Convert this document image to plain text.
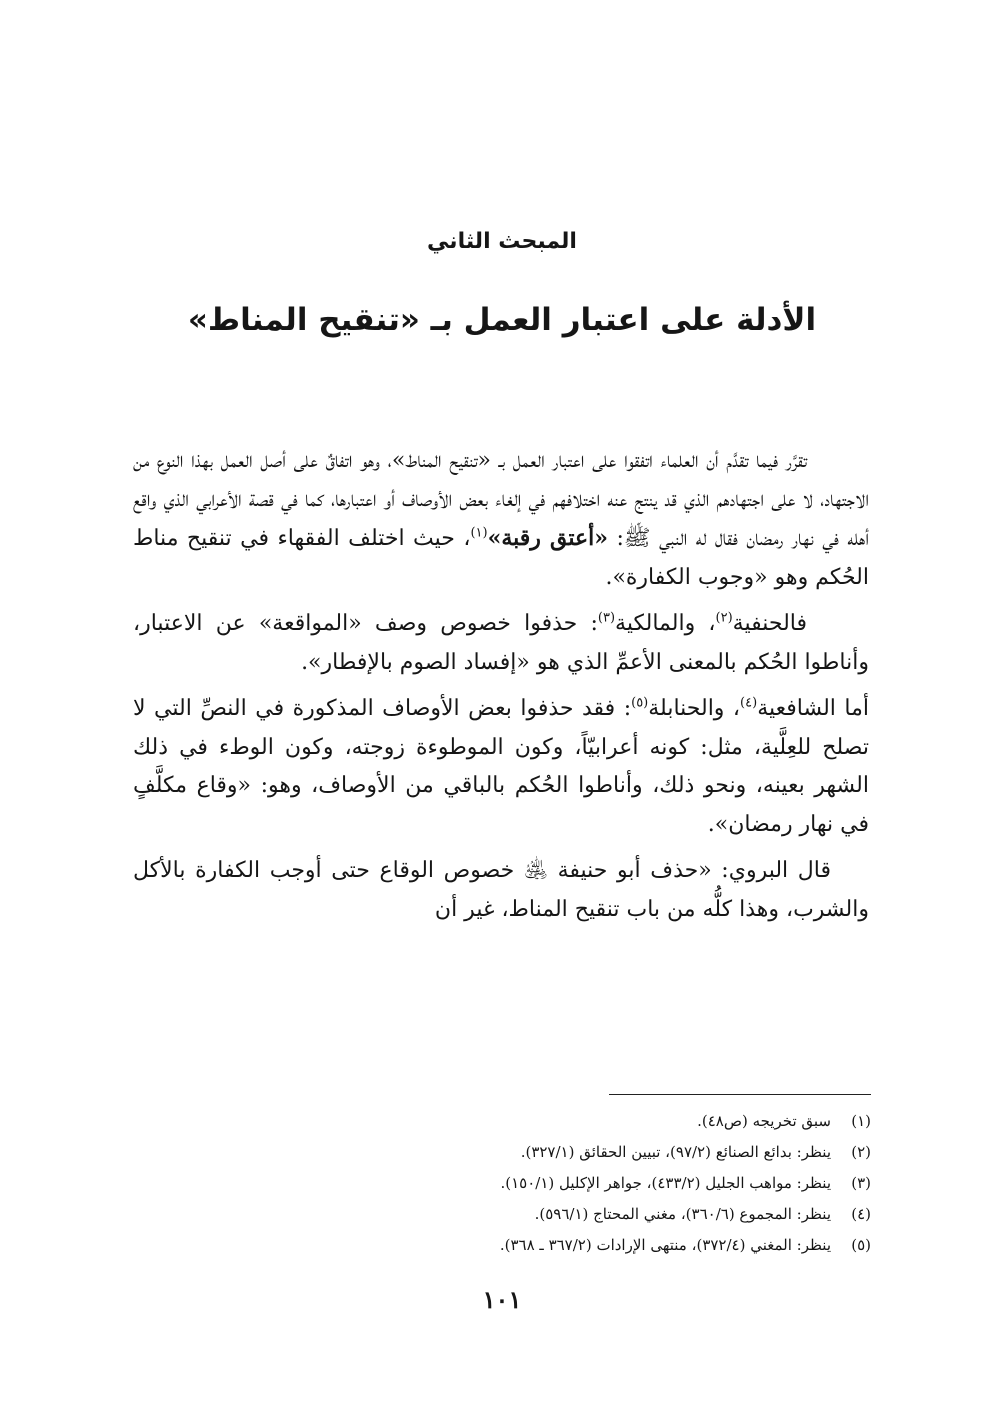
المبحث الثاني
الأدلة على اعتبار العمل بـ «تنقيح المناط»

تقرَّر فيما تقدَّم أن العلماء اتفقوا على اعتبار العمل بـ «تنقيح المناط»، وهو اتفاقٌ على أصل العمل بهذا النوع من الاجتهاد، لا على اجتهادهم الذي قد ينتج عنه اختلافهم في إلغاء بعض الأوصاف أو اعتبارها، كما في قصة الأعرابي الذي واقع أهله في نهار رمضان فقال له النبي ﷺ: «أعتق رقبة»$^{(١)}$، حيث اختلف الفقهاء في تنقيح مناط الحُكم وهو «وجوب الكفارة».

فالحنفية$^{(٢)}$، والمالكية$^{(٣)}$: حذفوا خصوص وصف «المواقعة» عن الاعتبار، وأناطوا الحُكم بالمعنى الأعمِّ الذي هو «إفساد الصوم بالإفطار».

أما الشافعية$^{(٤)}$، والحنابلة$^{(٥)}$: فقد حذفوا بعض الأوصاف المذكورة في النصِّ التي لا تصلح للعِلَّية، مثل: كونه أعرابيّاً، وكون الموطوءة زوجته، وكون الوطء في ذلك الشهر بعينه، ونحو ذلك، وأناطوا الحُكم بالباقي من الأوصاف، وهو: «وقاع مكلَّفٍ في نهار رمضان».

قال البروي: «حذف أبو حنيفة ﵁ خصوص الوقاع حتى أوجب الكفارة بالأكل والشرب، وهذا كلُّه من باب تنقيح المناط، غير أن

(١)
سبق تخريجه (ص٤٨).
(٢)
ينظر: بدائع الصنائع (٩٧/٢)، تبيين الحقائق (٣٢٧/١).
(٣)
ينظر: مواهب الجليل (٤٣٣/٢)، جواهر الإكليل (١٥٠/١).
(٤)
ينظر: المجموع (٣٦٠/٦)، مغني المحتاج (٥٩٦/١).
(٥)
ينظر: المغني (٣٧٢/٤)، منتهى الإرادات (٣٦٧/٢ ـ ٣٦٨).
١٠١
